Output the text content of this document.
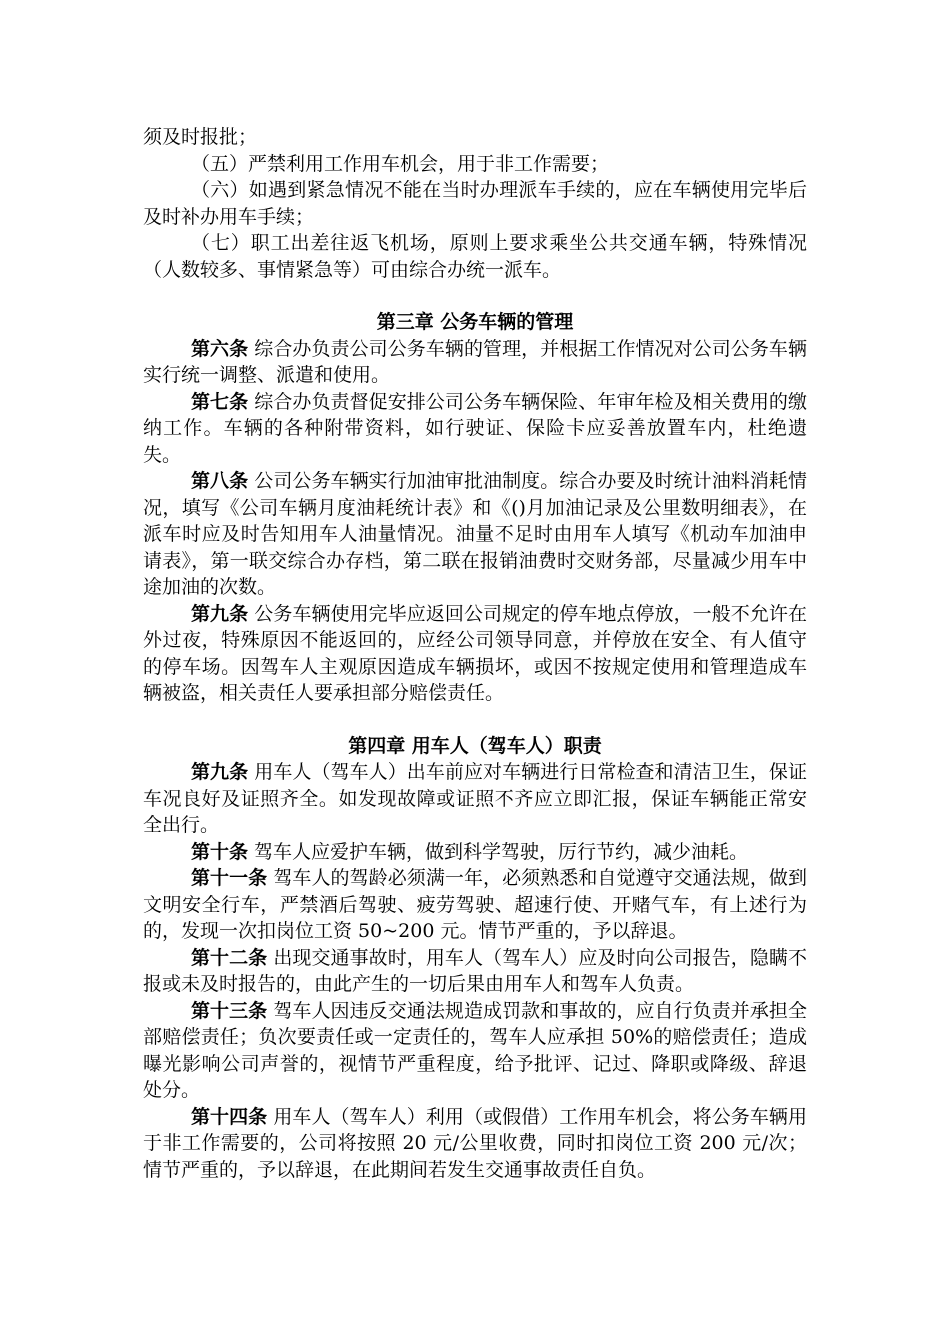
须及时报批；

（五）严禁利用工作用车机会，用于非工作需要；

（六）如遇到紧急情况不能在当时办理派车手续的，应在车辆使用完毕后及时补办用车手续；

（七）职工出差往返飞机场，原则上要求乘坐公共交通车辆，特殊情况（人数较多、事情紧急等）可由综合办统一派车。

第三章 公务车辆的管理

第六条 综合办负责公司公务车辆的管理，并根据工作情况对公司公务车辆实行统一调整、派遣和使用。

第七条 综合办负责督促安排公司公务车辆保险、年审年检及相关费用的缴纳工作。车辆的各种附带资料，如行驶证、保险卡应妥善放置车内，杜绝遗失。

第八条 公司公务车辆实行加油审批油制度。综合办要及时统计油料消耗情况，填写《公司车辆月度油耗统计表》和《()月加油记录及公里数明细表》，在派车时应及时告知用车人油量情况。油量不足时由用车人填写《机动车加油申请表》，第一联交综合办存档，第二联在报销油费时交财务部，尽量减少用车中途加油的次数。

第九条 公务车辆使用完毕应返回公司规定的停车地点停放，一般不允许在外过夜，特殊原因不能返回的，应经公司领导同意，并停放在安全、有人值守的停车场。因驾车人主观原因造成车辆损坏，或因不按规定使用和管理造成车辆被盗，相关责任人要承担部分赔偿责任。

第四章 用车人（驾车人）职责

第九条 用车人（驾车人）出车前应对车辆进行日常检查和清洁卫生，保证车况良好及证照齐全。如发现故障或证照不齐应立即汇报，保证车辆能正常安全出行。

第十条 驾车人应爱护车辆，做到科学驾驶，厉行节约，减少油耗。

第十一条 驾车人的驾龄必须满一年，必须熟悉和自觉遵守交通法规，做到文明安全行车，严禁酒后驾驶、疲劳驾驶、超速行使、开赌气车，有上述行为的，发现一次扣岗位工资 50~200 元。情节严重的，予以辞退。

第十二条 出现交通事故时，用车人（驾车人）应及时向公司报告，隐瞒不报或未及时报告的，由此产生的一切后果由用车人和驾车人负责。

第十三条 驾车人因违反交通法规造成罚款和事故的，应自行负责并承担全部赔偿责任；负次要责任或一定责任的，驾车人应承担 50%的赔偿责任；造成曝光影响公司声誉的，视情节严重程度，给予批评、记过、降职或降级、辞退处分。

第十四条 用车人（驾车人）利用（或假借）工作用车机会，将公务车辆用于非工作需要的，公司将按照 20 元/公里收费，同时扣岗位工资 200 元/次；情节严重的，予以辞退，在此期间若发生交通事故责任自负。
